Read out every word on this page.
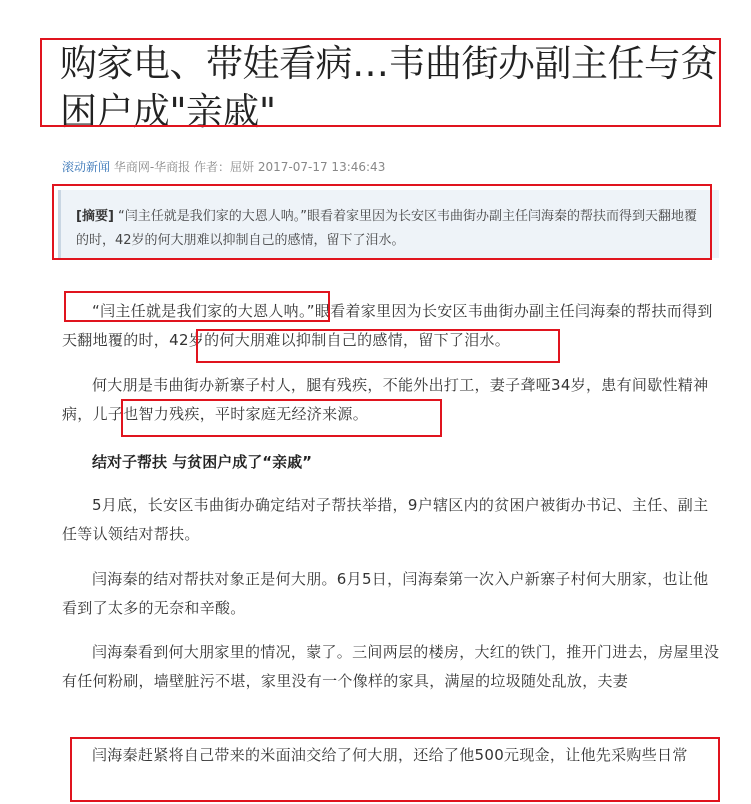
购家电、带娃看病…韦曲街办副主任与贫困户成"亲戚"
滚动新闻 华商网-华商报 作者：屈妍 2017-07-17 13:46:43
[摘要] “闫主任就是我们家的大恩人呐。”眼看着家里因为长安区韦曲街办副主任闫海秦的帮扶而得到天翻地覆的时，42岁的何大朋难以抑制自己的感情，留下了泪水。
“闫主任就是我们家的大恩人呐。”眼看着家里因为长安区韦曲街办副主任闫海秦的帮扶而得到天翻地覆的时，42岁的何大朋难以抑制自己的感情，留下了泪水。
何大朋是韦曲街办新寨子村人，腿有残疾，不能外出打工，妻子聋哑34岁，患有间歇性精神病，儿子也智力残疾，平时家庭无经济来源。
结对子帮扶 与贫困户成了“亲戚”
5月底，长安区韦曲街办确定结对子帮扶举措，9户辖区内的贫困户被街办书记、主任、副主任等认领结对帮扶。
闫海秦的结对帮扶对象正是何大朋。6月5日，闫海秦第一次入户新寨子村何大朋家，也让他看到了太多的无奈和辛酸。
闫海秦看到何大朋家里的情况，蒙了。三间两层的楼房，大红的铁门，推开门进去，房屋里没有任何粉刷，墙壁脏污不堪，家里没有一个像样的家具，满屋的垃圾随处乱放，夫妻
闫海秦赶紧将自己带来的米面油交给了何大朋，还给了他500元现金，让他先采购些日常
